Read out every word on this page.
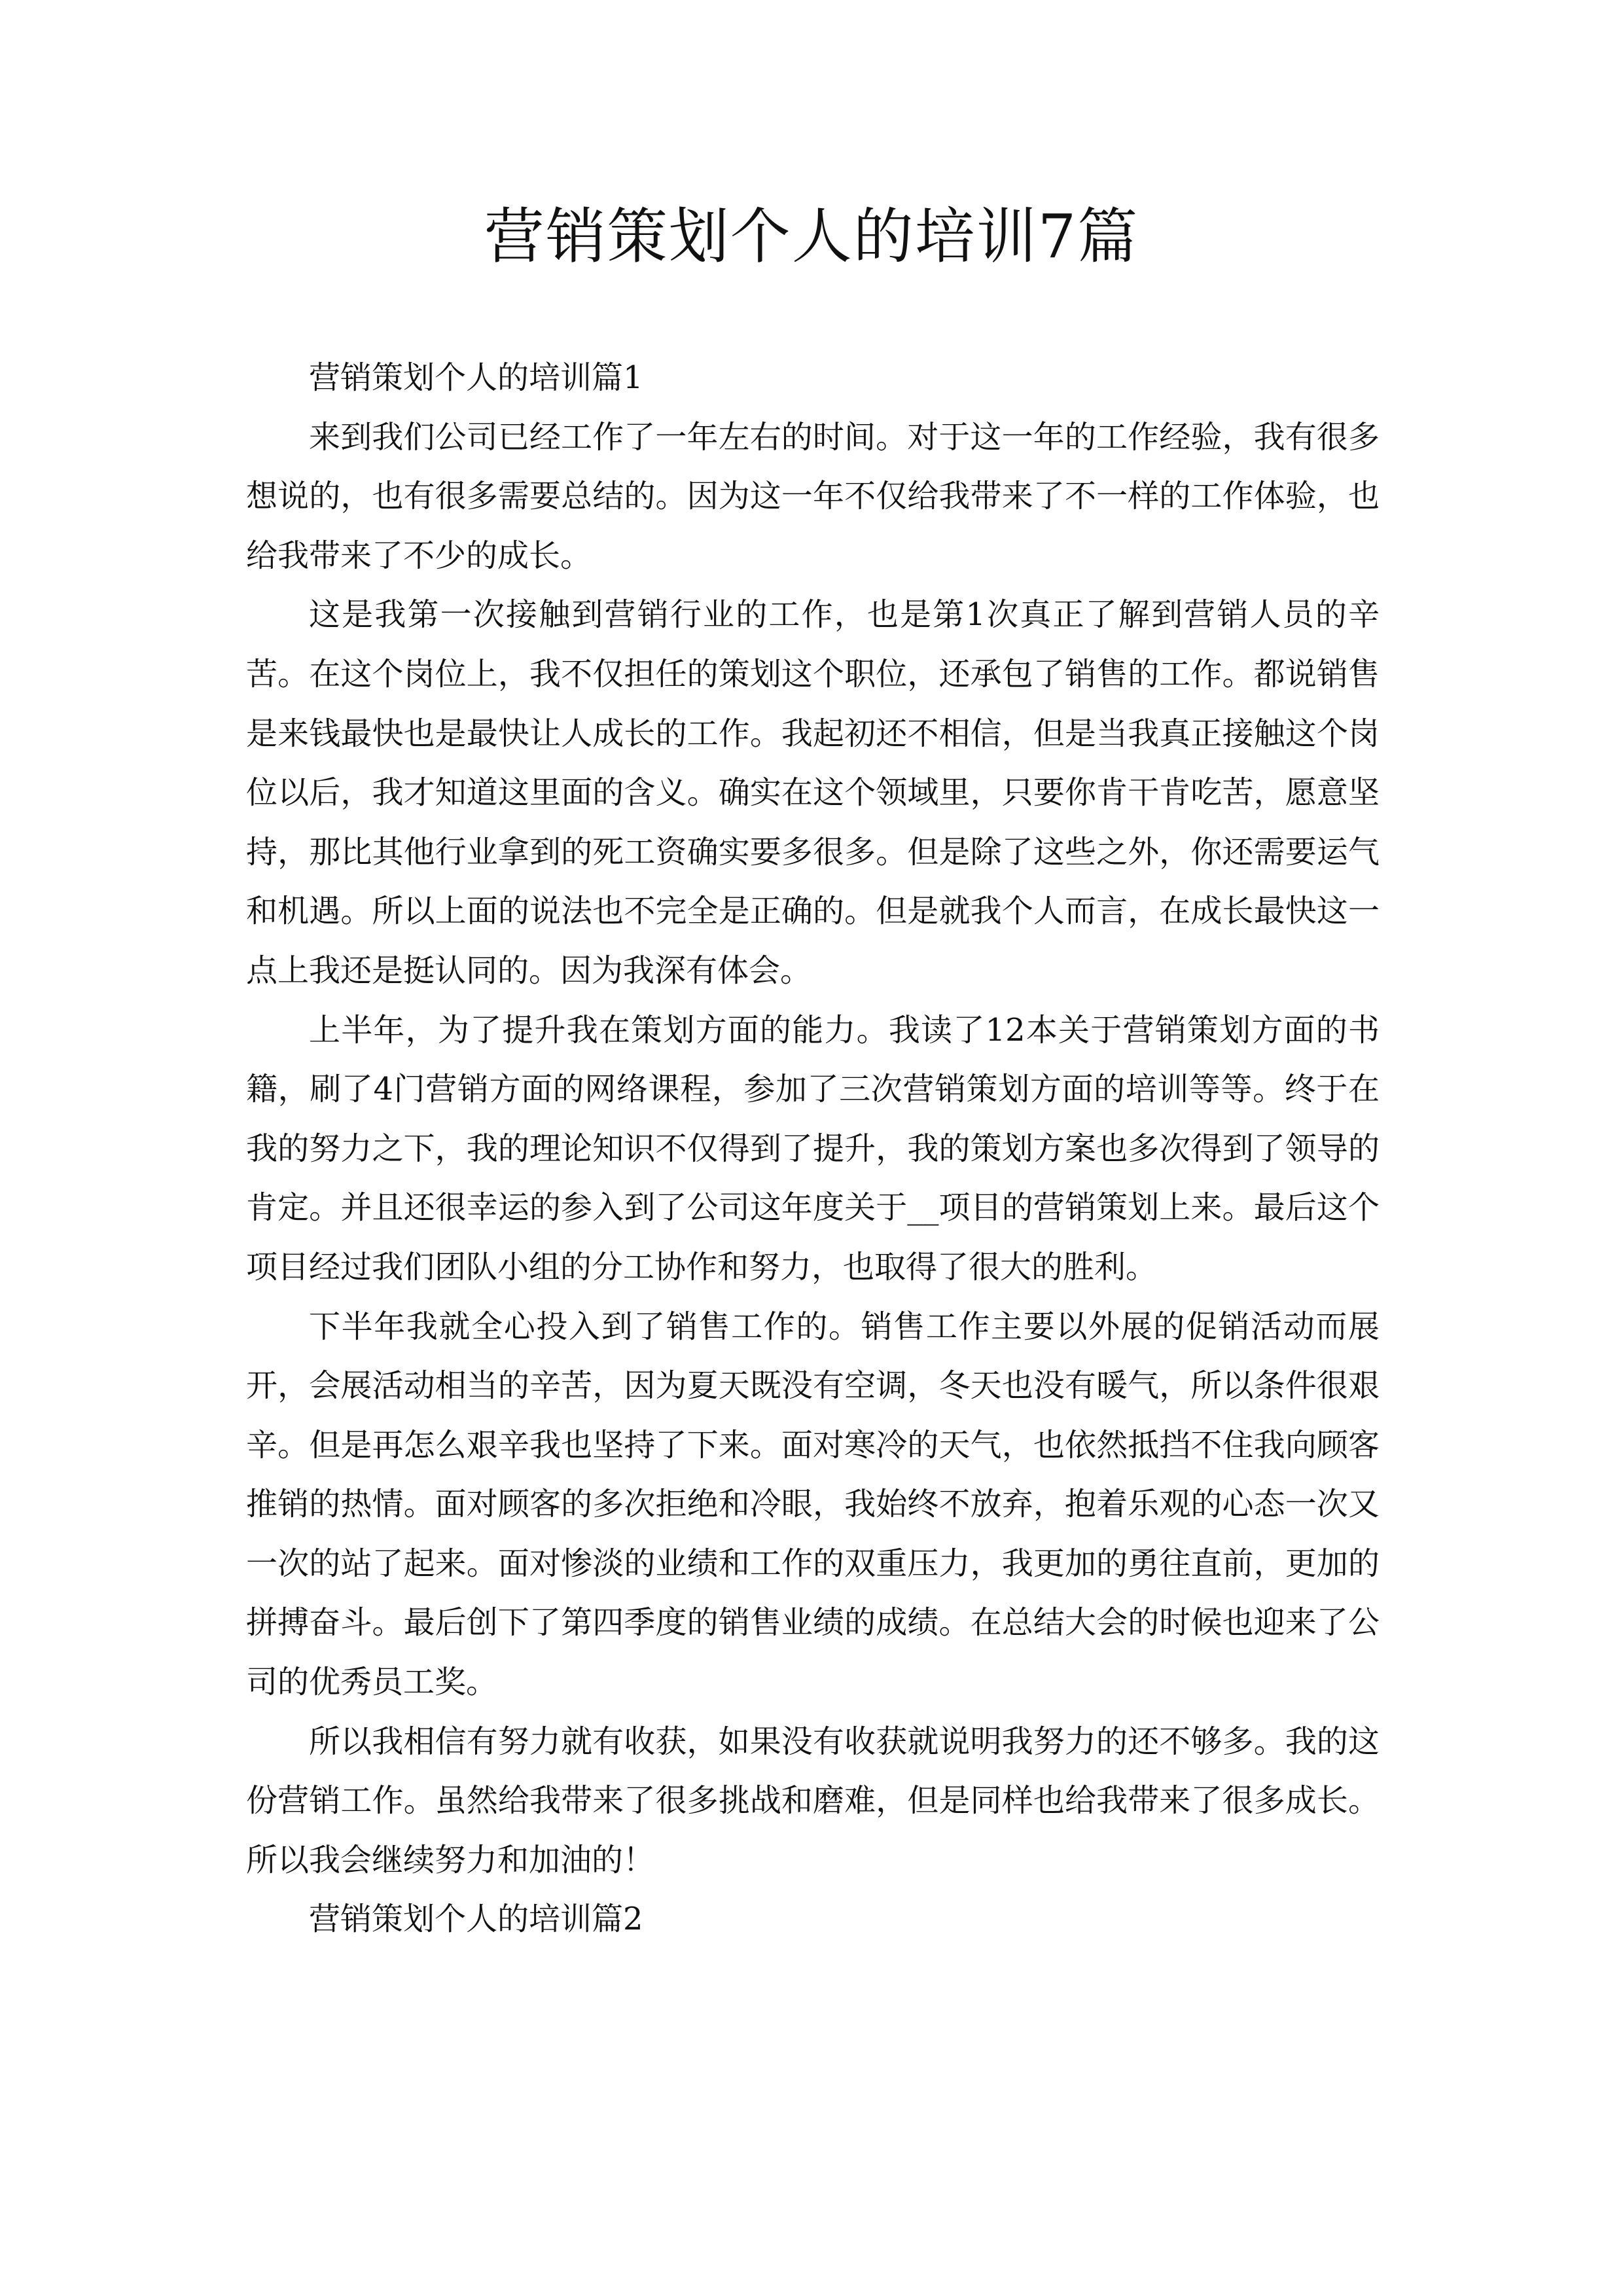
营销策划个人的培训7篇

营销策划个人的培训篇1

来到我们公司已经工作了一年左右的时间。对于这一年的工作经验，我有很多想说的，也有很多需要总结的。因为这一年不仅给我带来了不一样的工作体验，也给我带来了不少的成长。

这是我第一次接触到营销行业的工作，也是第1次真正了解到营销人员的辛苦。在这个岗位上，我不仅担任的策划这个职位，还承包了销售的工作。都说销售是来钱最快也是最快让人成长的工作。我起初还不相信，但是当我真正接触这个岗位以后，我才知道这里面的含义。确实在这个领域里，只要你肯干肯吃苦，愿意坚持，那比其他行业拿到的死工资确实要多很多。但是除了这些之外，你还需要运气和机遇。所以上面的说法也不完全是正确的。但是就我个人而言，在成长最快这一点上我还是挺认同的。因为我深有体会。

上半年，为了提升我在策划方面的能力。我读了12本关于营销策划方面的书籍，刷了4门营销方面的网络课程，参加了三次营销策划方面的培训等等。终于在我的努力之下，我的理论知识不仅得到了提升，我的策划方案也多次得到了领导的肯定。并且还很幸运的参入到了公司这年度关于__项目的营销策划上来。最后这个项目经过我们团队小组的分工协作和努力，也取得了很大的胜利。

下半年我就全心投入到了销售工作的。销售工作主要以外展的促销活动而展开，会展活动相当的辛苦，因为夏天既没有空调，冬天也没有暖气，所以条件很艰辛。但是再怎么艰辛我也坚持了下来。面对寒冷的天气，也依然抵挡不住我向顾客推销的热情。面对顾客的多次拒绝和冷眼，我始终不放弃，抱着乐观的心态一次又一次的站了起来。面对惨淡的业绩和工作的双重压力，我更加的勇往直前，更加的拼搏奋斗。最后创下了第四季度的销售业绩的成绩。在总结大会的时候也迎来了公司的优秀员工奖。

所以我相信有努力就有收获，如果没有收获就说明我努力的还不够多。我的这份营销工作。虽然给我带来了很多挑战和磨难，但是同样也给我带来了很多成长。所以我会继续努力和加油的！

营销策划个人的培训篇2
